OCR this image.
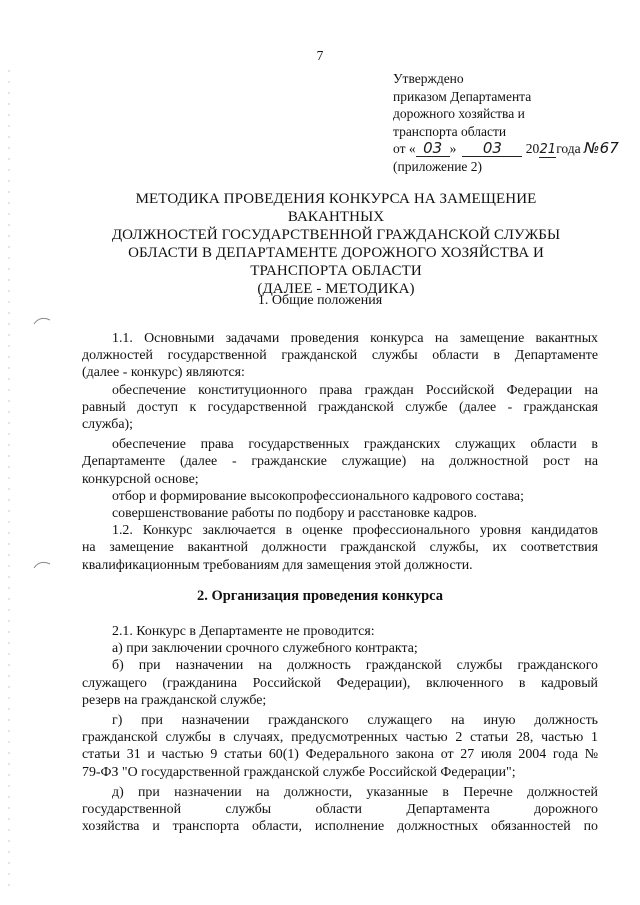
7
Утверждено
приказом Департамента
дорожного хозяйства и
транспорта области
от « 03 » 03 2021года №67
(приложение 2)
МЕТОДИКА ПРОВЕДЕНИЯ КОНКУРСА НА ЗАМЕЩЕНИЕ ВАКАНТНЫХ
ДОЛЖНОСТЕЙ ГОСУДАРСТВЕННОЙ ГРАЖДАНСКОЙ СЛУЖБЫ
ОБЛАСТИ В ДЕПАРТАМЕНТЕ ДОРОЖНОГО ХОЗЯЙСТВА И
ТРАНСПОРТА ОБЛАСТИ
(ДАЛЕЕ - МЕТОДИКА)
1. Общие положения

1.1. Основными задачами проведения конкурса на замещение вакантных

должностей государственной гражданской службы области в Департаменте

(далее - конкурс) являются:

обеспечение конституционного права граждан Российской Федерации на

равный доступ к государственной гражданской службе (далее - гражданская

служба);

обеспечение права государственных гражданских служащих области в

Департаменте (далее - гражданские служащие) на должностной рост на

конкурсной основе;

отбор и формирование высокопрофессионального кадрового состава;

совершенствование работы по подбору и расстановке кадров.

1.2. Конкурс заключается в оценке профессионального уровня кандидатов

на замещение вакантной должности гражданской службы, их соответствия

квалификационным требованиям для замещения этой должности.

2. Организация проведения конкурса

2.1. Конкурс в Департаменте не проводится:

а) при заключении срочного служебного контракта;

б) при назначении на должность гражданской службы гражданского

служащего (гражданина Российской Федерации), включенного в кадровый

резерв на гражданской службе;

г) при назначении гражданского служащего на иную должность

гражданской службы в случаях, предусмотренных частью 2 статьи 28, частью 1

статьи 31 и частью 9 статьи 60(1) Федерального закона от 27 июля 2004 года №

79-ФЗ "О государственной гражданской службе Российской Федерации";

д) при назначении на должности, указанные в Перечне должностей

государственной службы области Департамента дорожного

хозяйства и транспорта области, исполнение должностных обязанностей по
